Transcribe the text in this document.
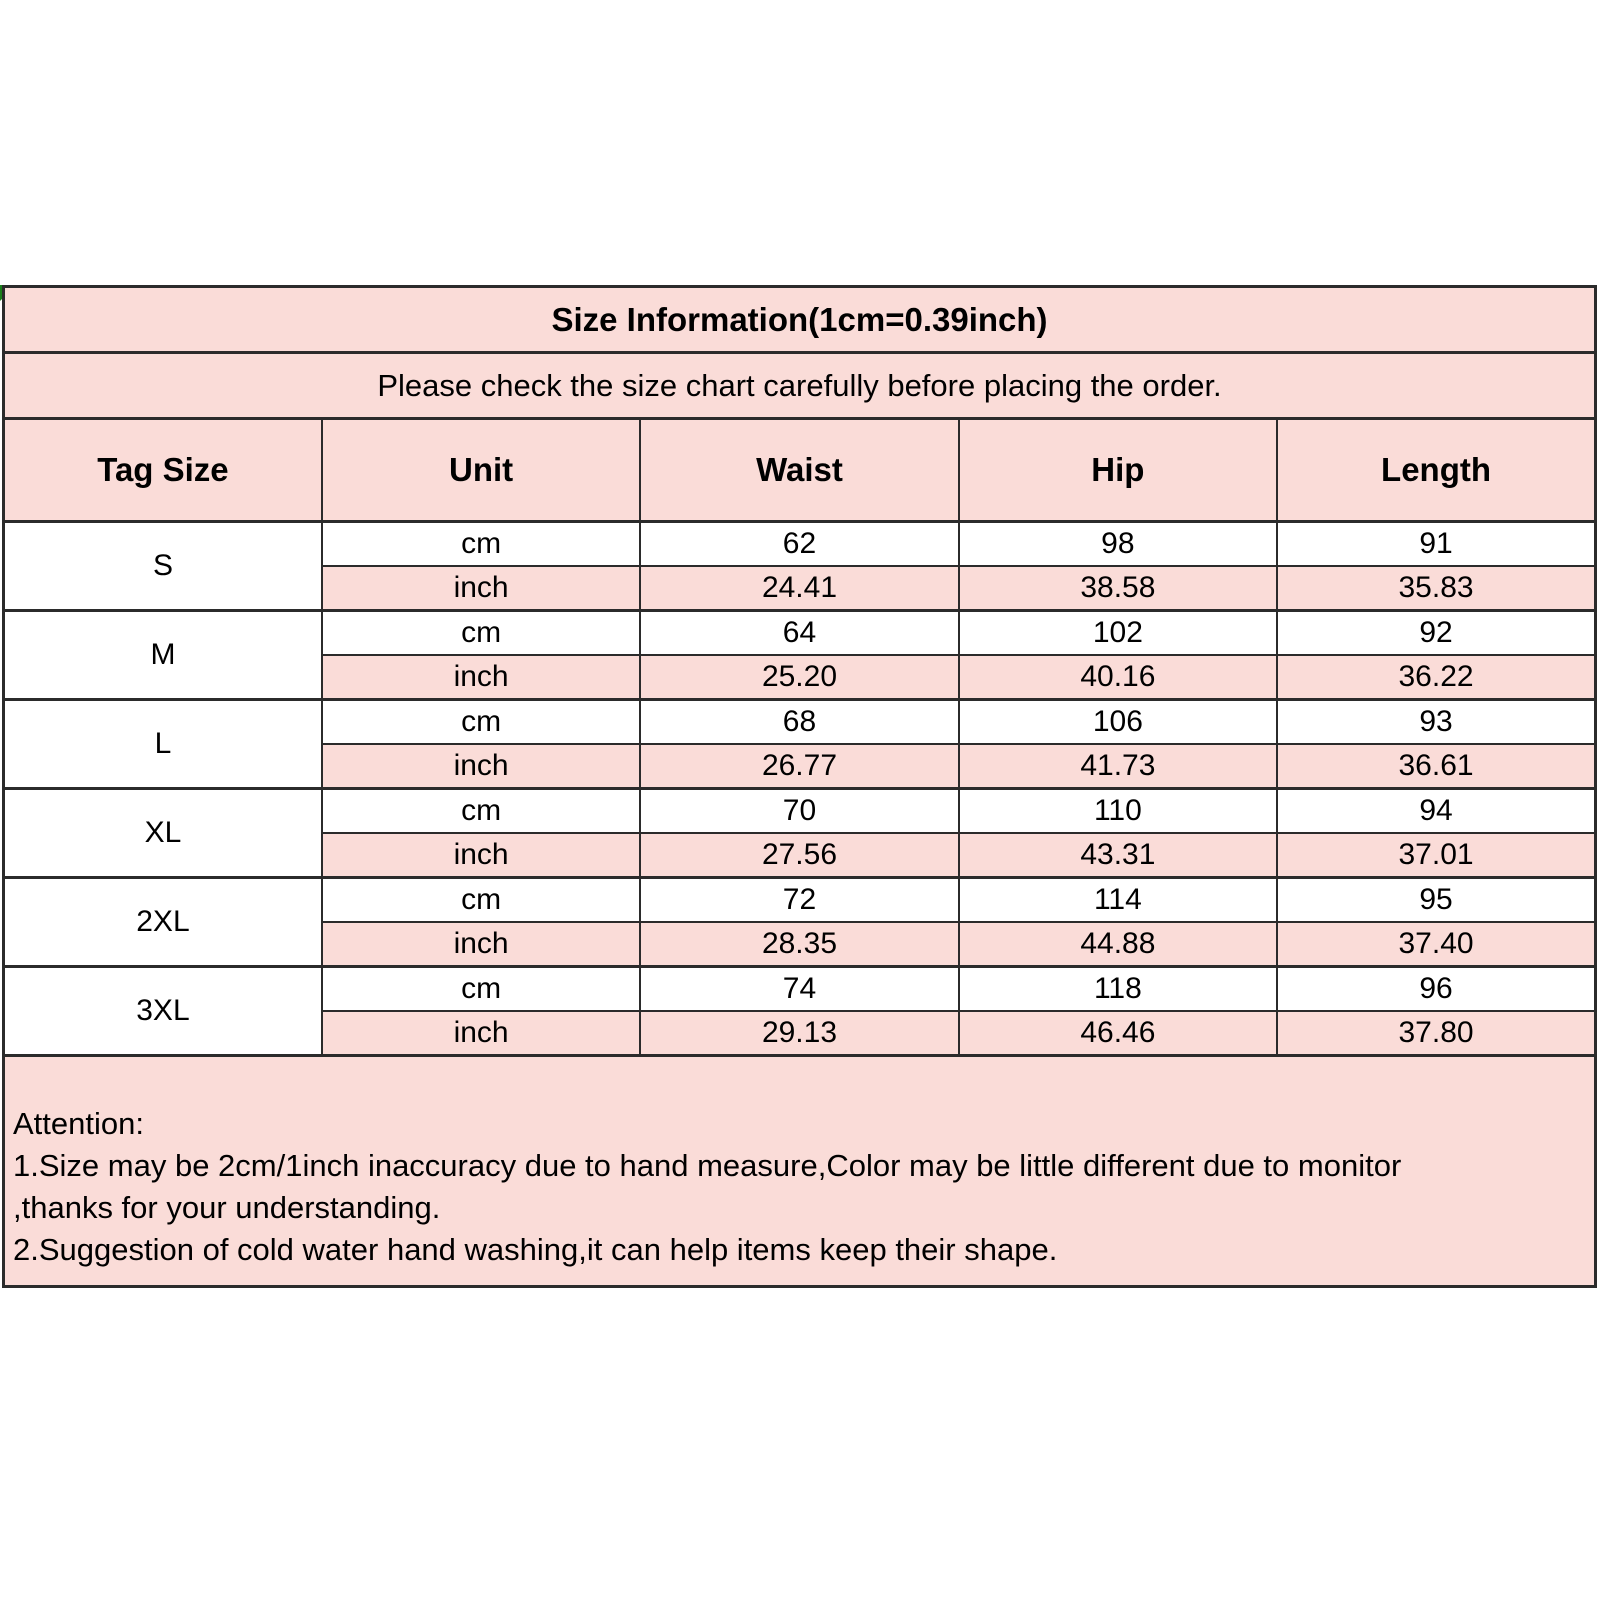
Size Information(1cm=0.39inch)				
Please check the size chart carefully before placing the order.				
Tag Size	Unit	Waist	Hip	Length
S	cm	62	98	91
	inch	24.41	38.58	35.83
M	cm	64	102	92
	inch	25.20	40.16	36.22
L	cm	68	106	93
	inch	26.77	41.73	36.61
XL	cm	70	110	94
	inch	27.56	43.31	37.01
2XL	cm	72	114	95
	inch	28.35	44.88	37.40
3XL	cm	74	118	96
	inch	29.13	46.46	37.80

Attention:
1.Size may be 2cm/1inch inaccuracy due to hand measure,Color may be little different due to monitor
,thanks for your understanding.
2.Suggestion of cold water hand washing,it can help items keep their shape.				
